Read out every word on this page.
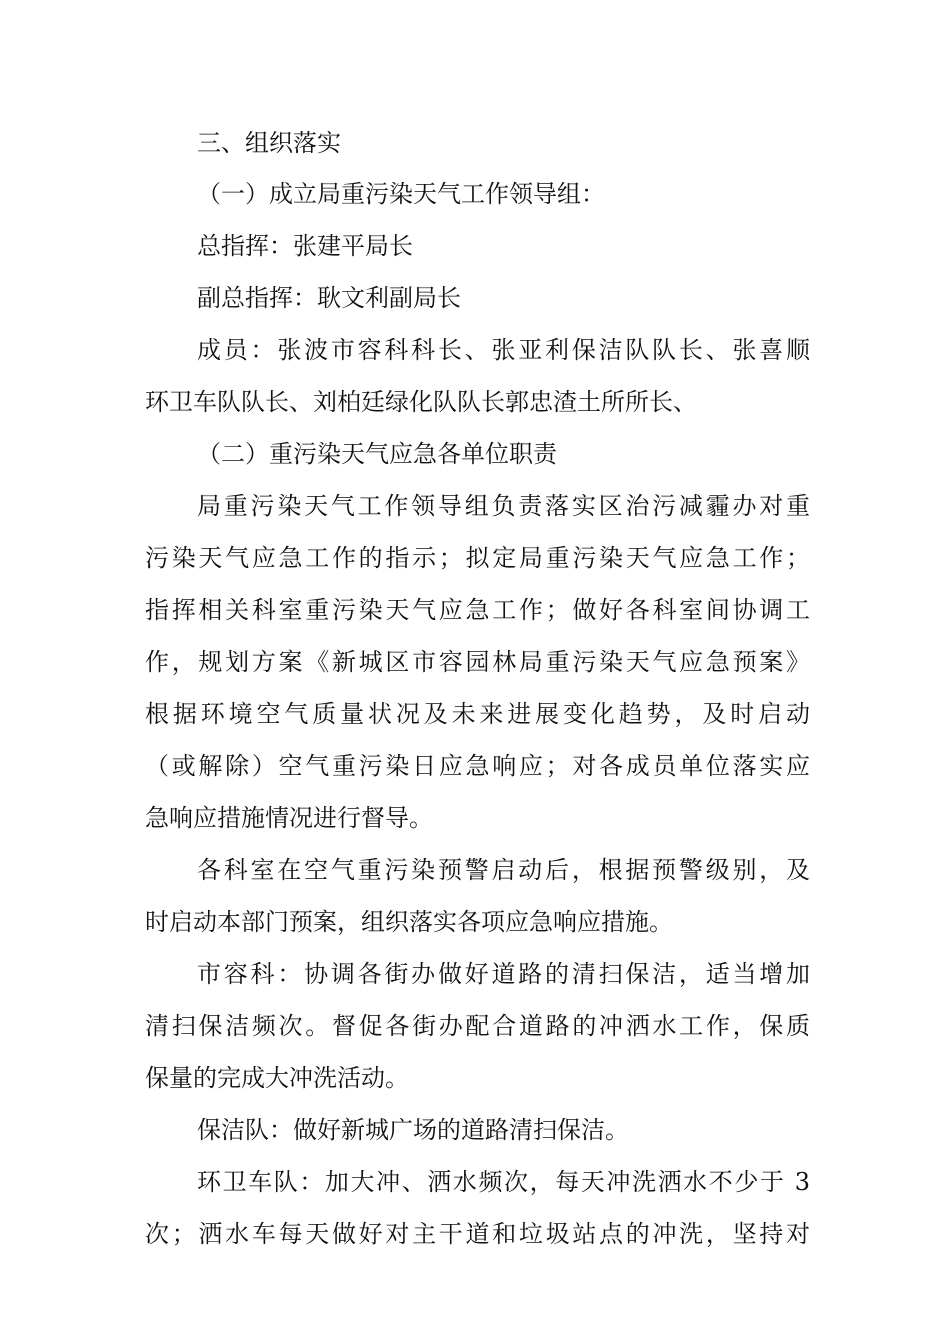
三、组织落实
（一）成立局重污染天气工作领导组：
总指挥：张建平局长
副总指挥：耿文利副局长
成员：张波市容科科长、张亚利保洁队队长、张喜顺
环卫车队队长、刘柏廷绿化队队长郭忠渣土所所长、
（二）重污染天气应急各单位职责
局重污染天气工作领导组负责落实区治污减霾办对重
污染天气应急工作的指示；拟定局重污染天气应急工作；
指挥相关科室重污染天气应急工作；做好各科室间协调工
作，规划方案《新城区市容园林局重污染天气应急预案》
根据环境空气质量状况及未来进展变化趋势，及时启动
（或解除）空气重污染日应急响应；对各成员单位落实应
急响应措施情况进行督导。
各科室在空气重污染预警启动后，根据预警级别，及
时启动本部门预案，组织落实各项应急响应措施。
市容科：协调各街办做好道路的清扫保洁，适当增加
清扫保洁频次。督促各街办配合道路的冲洒水工作，保质
保量的完成大冲洗活动。
保洁队：做好新城广场的道路清扫保洁。
环卫车队：加大冲、洒水频次，每天冲洗洒水不少于 3
次；洒水车每天做好对主干道和垃圾站点的冲洗，坚持对
